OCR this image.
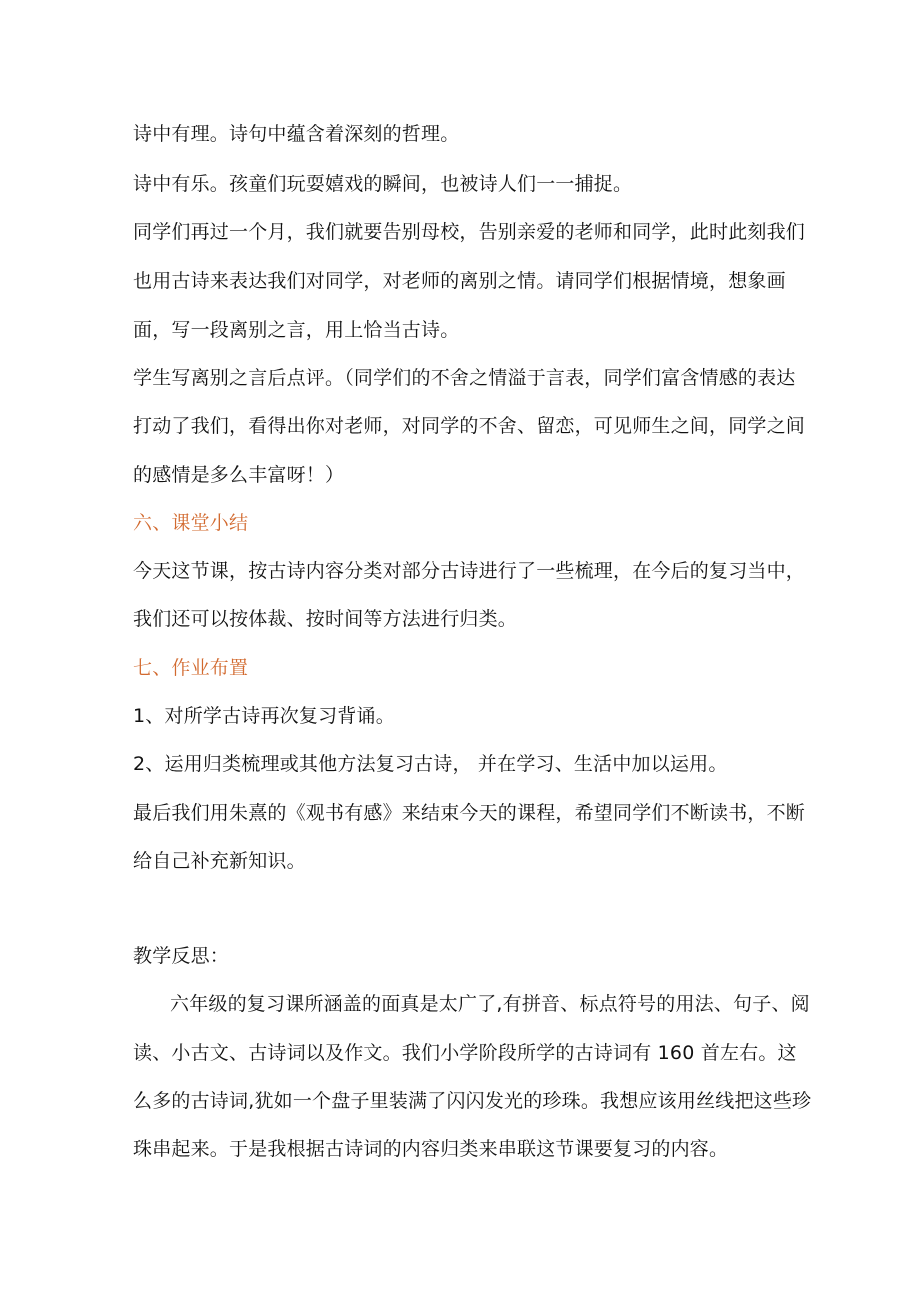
诗中有理。诗句中蕴含着深刻的哲理。
诗中有乐。孩童们玩耍嬉戏的瞬间，也被诗人们一一捕捉。
同学们再过一个月，我们就要告别母校，告别亲爱的老师和同学，此时此刻我们
也用古诗来表达我们对同学，对老师的离别之情。请同学们根据情境，想象画
面，写一段离别之言，用上恰当古诗。
学生写离别之言后点评。（同学们的不舍之情溢于言表，同学们富含情感的表达
打动了我们，看得出你对老师，对同学的不舍、留恋，可见师生之间，同学之间
的感情是多么丰富呀！）
六、课堂小结
今天这节课，按古诗内容分类对部分古诗进行了一些梳理，在今后的复习当中，
我们还可以按体裁、按时间等方法进行归类。
七、作业布置
1、对所学古诗再次复习背诵。
2、运用归类梳理或其他方法复习古诗， 并在学习、生活中加以运用。
最后我们用朱熹的《观书有感》来结束今天的课程，希望同学们不断读书，不断
给自己补充新知识。
教学反思：
六年级的复习课所涵盖的面真是太广了,有拼音、标点符号的用法、句子、阅
读、小古文、古诗词以及作文。我们小学阶段所学的古诗词有 160 首左右。这
么多的古诗词,犹如一个盘子里装满了闪闪发光的珍珠。我想应该用丝线把这些珍
珠串起来。于是我根据古诗词的内容归类来串联这节课要复习的内容。
